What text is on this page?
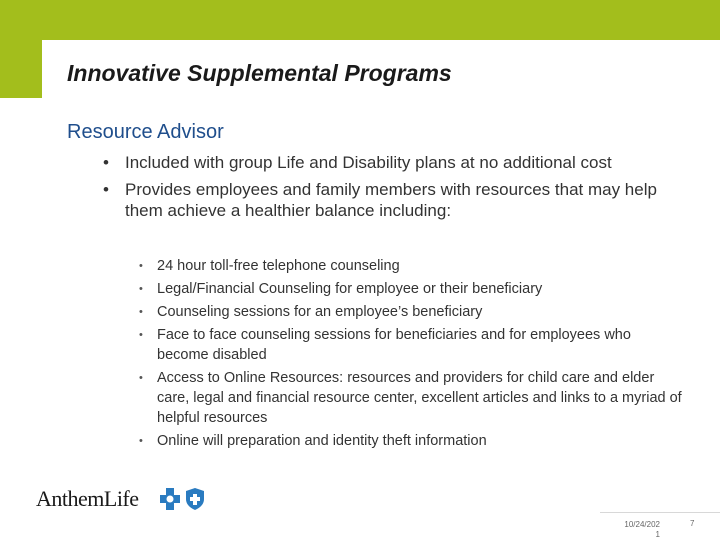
Innovative Supplemental Programs
Resource Advisor
• Included with group Life and Disability plans at no additional cost
• Provides employees and family members with resources that may help them achieve a healthier balance including:
• 24 hour toll-free telephone counseling
• Legal/Financial Counseling for employee or their beneficiary
• Counseling sessions for an employee’s beneficiary
• Face to face counseling sessions for beneficiaries and for employees who become disabled
• Access to Online Resources: resources and providers for child care and elder care, legal and financial resource center, excellent articles and links to a myriad of helpful resources
• Online will preparation and identity theft information
AnthemLife
10/24/202
1
7
